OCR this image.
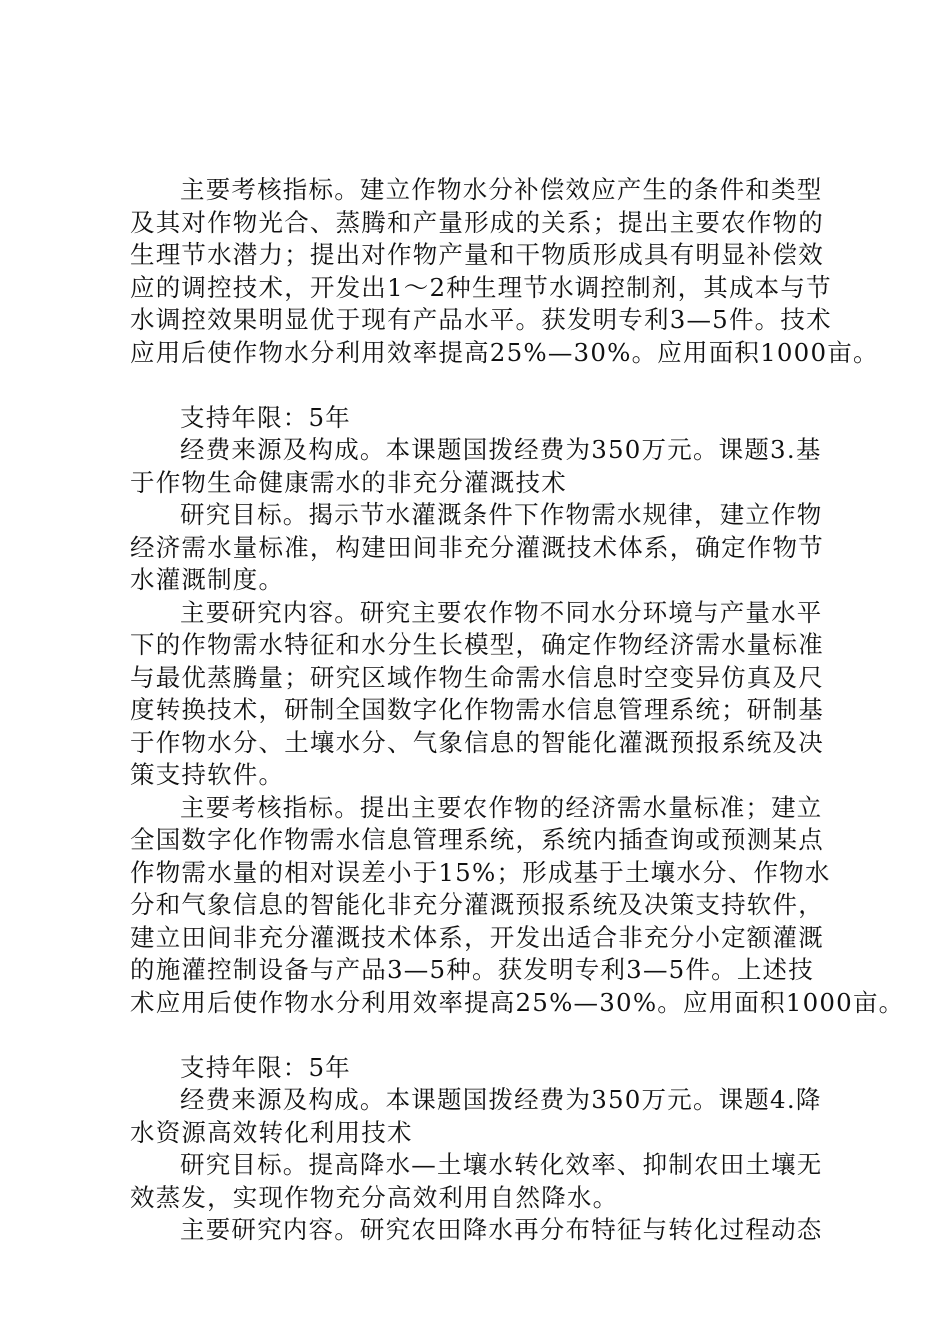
主要考核指标。建立作物水分补偿效应产生的条件和类型
及其对作物光合、蒸腾和产量形成的关系；提出主要农作物的
生理节水潜力；提出对作物产量和干物质形成具有明显补偿效
应的调控技术，开发出1～2种生理节水调控制剂，其成本与节
水调控效果明显优于现有产品水平。获发明专利3—5件。技术
应用后使作物水分利用效率提高25%—30%。应用面积1000亩。
支持年限：5年
经费来源及构成。本课题国拨经费为350万元。课题3.基
于作物生命健康需水的非充分灌溉技术
研究目标。揭示节水灌溉条件下作物需水规律，建立作物
经济需水量标准，构建田间非充分灌溉技术体系，确定作物节
水灌溉制度。
主要研究内容。研究主要农作物不同水分环境与产量水平
下的作物需水特征和水分生长模型，确定作物经济需水量标准
与最优蒸腾量；研究区域作物生命需水信息时空变异仿真及尺
度转换技术，研制全国数字化作物需水信息管理系统；研制基
于作物水分、土壤水分、气象信息的智能化灌溉预报系统及决
策支持软件。
主要考核指标。提出主要农作物的经济需水量标准；建立
全国数字化作物需水信息管理系统，系统内插查询或预测某点
作物需水量的相对误差小于15%；形成基于土壤水分、作物水
分和气象信息的智能化非充分灌溉预报系统及决策支持软件，
建立田间非充分灌溉技术体系，开发出适合非充分小定额灌溉
的施灌控制设备与产品3—5种。获发明专利3—5件。上述技
术应用后使作物水分利用效率提高25%—30%。应用面积1000亩。
支持年限：5年
经费来源及构成。本课题国拨经费为350万元。课题4.降
水资源高效转化利用技术
研究目标。提高降水—土壤水转化效率、抑制农田土壤无
效蒸发，实现作物充分高效利用自然降水。
主要研究内容。研究农田降水再分布特征与转化过程动态
